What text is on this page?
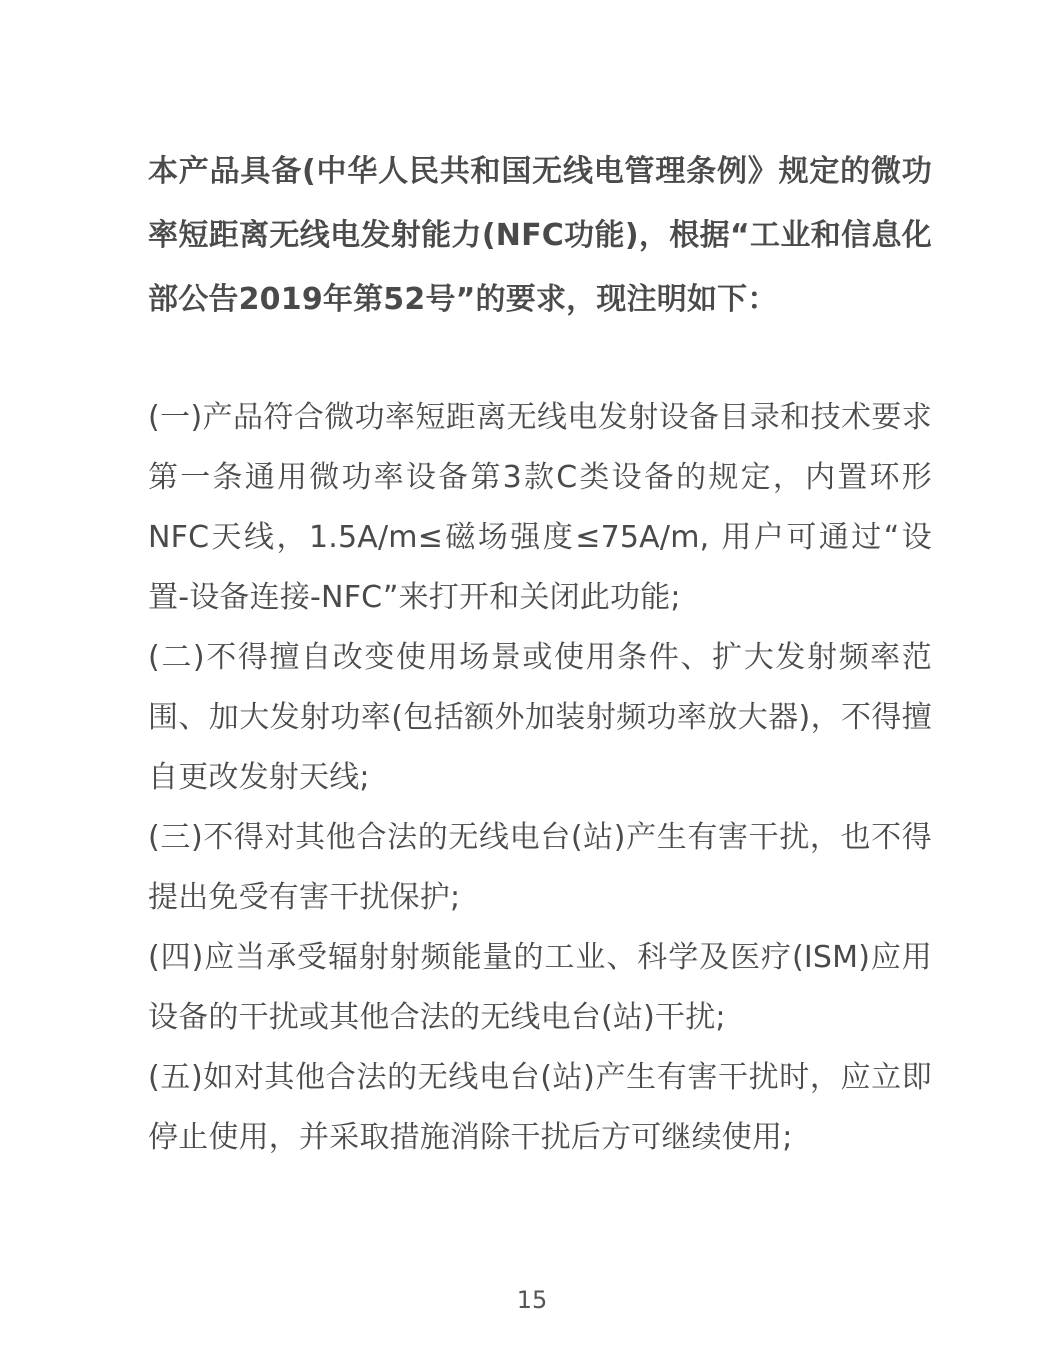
本产品具备(中华人民共和国无线电管理条例》规定的微功率短距离无线电发射能力(NFC功能)，根据“工业和信息化部公告2019年第52号”的要求，现注明如下：

(一)产品符合微功率短距离无线电发射设备目录和技术要求第一条通用微功率设备第3款C类设备的规定，内置环形NFC天线，1.5A/m≤磁场强度≤75A/m, 用户可通过“设置-设备连接-NFC”来打开和关闭此功能;

(二)不得擅自改变使用场景或使用条件、扩大发射频率范围、加大发射功率(包括额外加装射频功率放大器)，不得擅自更改发射天线;

(三)不得对其他合法的无线电台(站)产生有害干扰，也不得提出免受有害干扰保护;

(四)应当承受辐射射频能量的工业、科学及医疗(ISM)应用设备的干扰或其他合法的无线电台(站)干扰;

(五)如对其他合法的无线电台(站)产生有害干扰时，应立即停止使用，并采取措施消除干扰后方可继续使用;

15
